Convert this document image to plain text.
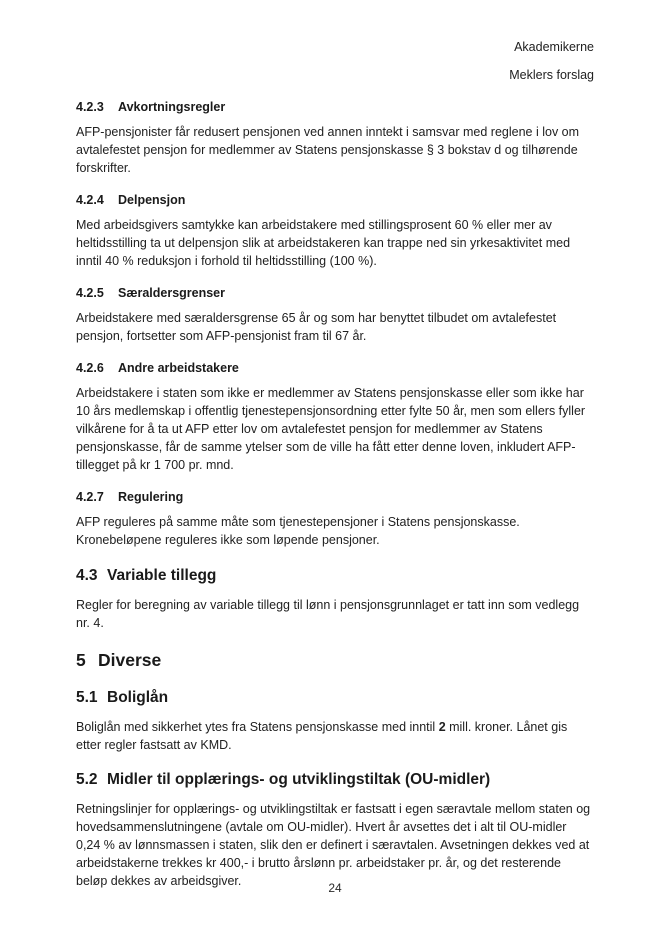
Akademikerne
Meklers forslag
4.2.3 Avkortningsregler

AFP-pensjonister får redusert pensjonen ved annen inntekt i samsvar med reglene i lov om avtalefestet pensjon for medlemmer av Statens pensjonskasse § 3 bokstav d og tilhørende forskrifter.

4.2.4 Delpensjon

Med arbeidsgivers samtykke kan arbeidstakere med stillingsprosent 60 % eller mer av heltidsstilling ta ut delpensjon slik at arbeidstakeren kan trappe ned sin yrkesaktivitet med inntil 40 % reduksjon i forhold til heltidsstilling (100 %).

4.2.5 Særaldersgrenser

Arbeidstakere med særaldersgrense 65 år og som har benyttet tilbudet om avtalefestet pensjon, fortsetter som AFP-pensjonist fram til 67 år.

4.2.6 Andre arbeidstakere

Arbeidstakere i staten som ikke er medlemmer av Statens pensjonskasse eller som ikke har 10 års medlemskap i offentlig tjenestepensjonsordning etter fylte 50 år, men som ellers fyller vilkårene for å ta ut AFP etter lov om avtalefestet pensjon for medlemmer av Statens pensjonskasse, får de samme ytelser som de ville ha fått etter denne loven, inkludert AFP-tillegget på kr 1 700 pr. mnd.

4.2.7 Regulering

AFP reguleres på samme måte som tjenestepensjoner i Statens pensjonskasse. Kronebeløpene reguleres ikke som løpende pensjoner.

4.3 Variable tillegg

Regler for beregning av variable tillegg til lønn i pensjonsgrunnlaget er tatt inn som vedlegg nr. 4.

5 Diverse
5.1 Boliglån

Boliglån med sikkerhet ytes fra Statens pensjonskasse med inntil 2 mill. kroner. Lånet gis etter regler fastsatt av KMD.

5.2 Midler til opplærings- og utviklingstiltak (OU-midler)

Retningslinjer for opplærings- og utviklingstiltak er fastsatt i egen særavtale mellom staten og hovedsammenslutningene (avtale om OU-midler). Hvert år avsettes det i alt til OU-midler 0,24 % av lønnsmassen i staten, slik den er definert i særavtalen. Avsetningen dekkes ved at arbeidstakerne trekkes kr 400,- i brutto årslønn pr. arbeidstaker pr. år, og det resterende beløp dekkes av arbeidsgiver.	24
